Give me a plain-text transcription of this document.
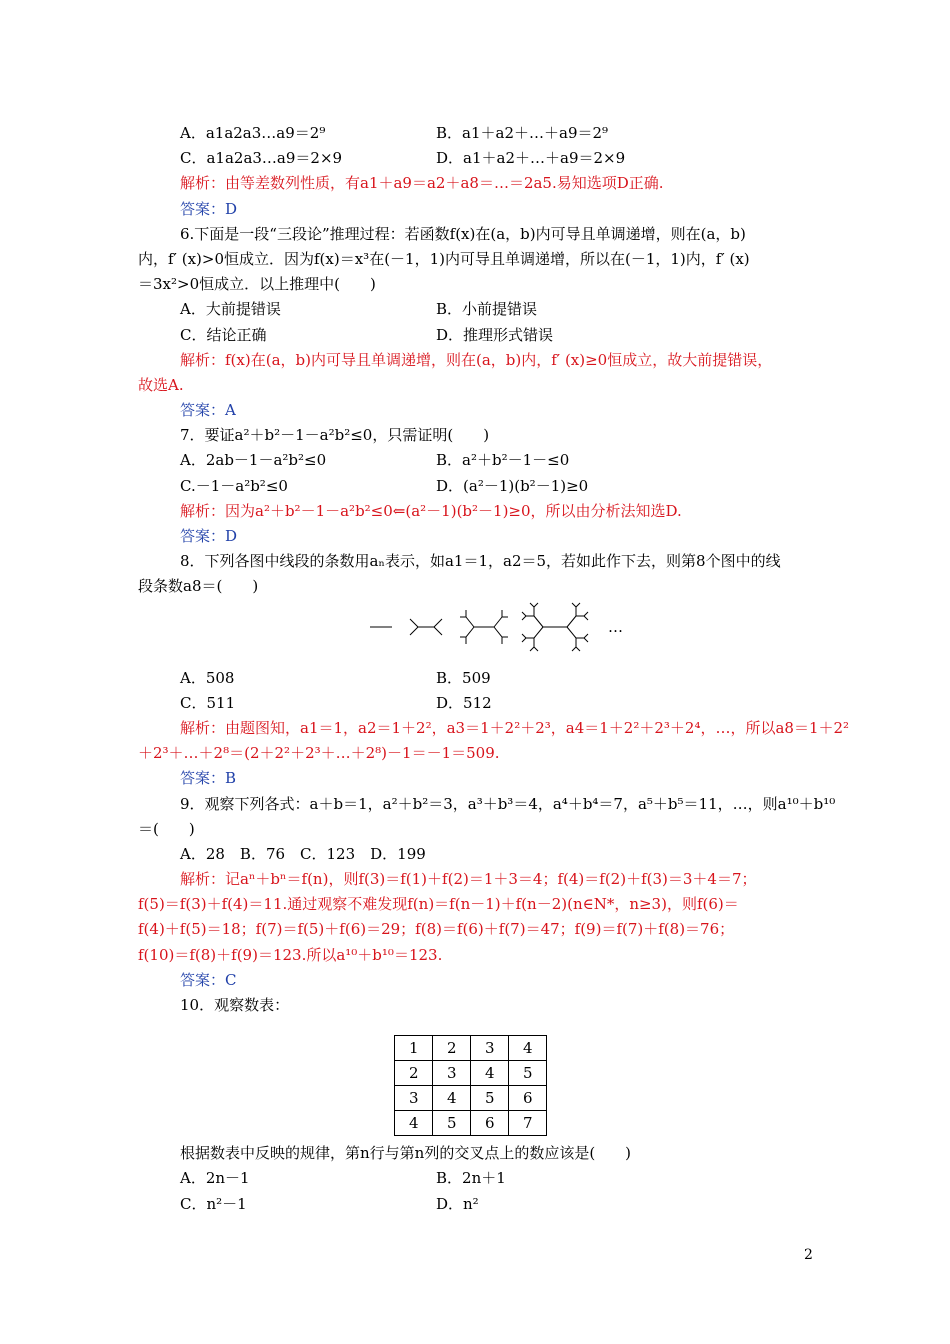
A．a1a2a3…a9＝2⁹	B．a1＋a2＋…＋a9＝2⁹
C．a1a2a3…a9＝2×9	D．a1＋a2＋…＋a9＝2×9
解析：由等差数列性质，有a1＋a9＝a2＋a8＝…＝2a5.易知选项D正确.
答案：D
6.下面是一段“三段论”推理过程：若函数f(x)在(a，b)内可导且单调递增，则在(a，b)
内，f′ (x)>0恒成立．因为f(x)＝x³在(－1，1)内可导且单调递增，所以在(－1，1)内，f′ (x)
＝3x²>0恒成立．以上推理中(　　)
A．大前提错误	B．小前提错误
C．结论正确	D．推理形式错误
解析：f(x)在(a，b)内可导且单调递增，则在(a，b)内，f′ (x)≥0恒成立，故大前提错误，
故选A.
答案：A
7．要证a²＋b²－1－a²b²≤0，只需证明(　　)
A．2ab－1－a²b²≤0	B．a²＋b²－1－≤0
C.－1－a²b²≤0	D．(a²－1)(b²－1)≥0
解析：因为a²＋b²－1－a²b²≤0⇐(a²－1)(b²－1)≥0，所以由分析法知选D.
答案：D
8．下列各图中线段的条数用aₙ表示，如a1＝1，a2＝5，若如此作下去，则第8个图中的线
段条数a8＝(　　)
…
A．508	B．509
C．511	D．512
解析：由题图知，a1＝1，a2＝1＋2²，a3＝1＋2²＋2³，a4＝1＋2²＋2³＋2⁴，…，所以a8＝1＋2²
＋2³＋…＋2⁸＝(2＋2²＋2³＋…＋2⁸)－1＝－1＝509.
答案：B
9．观察下列各式：a＋b＝1，a²＋b²＝3，a³＋b³＝4，a⁴＋b⁴＝7，a⁵＋b⁵＝11，…，则a¹⁰＋b¹⁰
＝(　　)
A．28　B．76　C．123　D．199
解析：记aⁿ＋bⁿ＝f(n)，则f(3)＝f(1)＋f(2)＝1＋3＝4；f(4)＝f(2)＋f(3)＝3＋4＝7；
f(5)＝f(3)＋f(4)＝11.通过观察不难发现f(n)＝f(n－1)＋f(n－2)(n∈N*，n≥3)，则f(6)＝
f(4)＋f(5)＝18；f(7)＝f(5)＋f(6)＝29；f(8)＝f(6)＋f(7)＝47；f(9)＝f(7)＋f(8)＝76；
f(10)＝f(8)＋f(9)＝123.所以a¹⁰＋b¹⁰＝123.
答案：C
10．观察数表：
1	2	3	4
2	3	4	5
3	4	5	6
4	5	6	7
根据数表中反映的规律，第n行与第n列的交叉点上的数应该是(　　)
A．2n－1	B．2n＋1
C．n²－1	D．n²
2
